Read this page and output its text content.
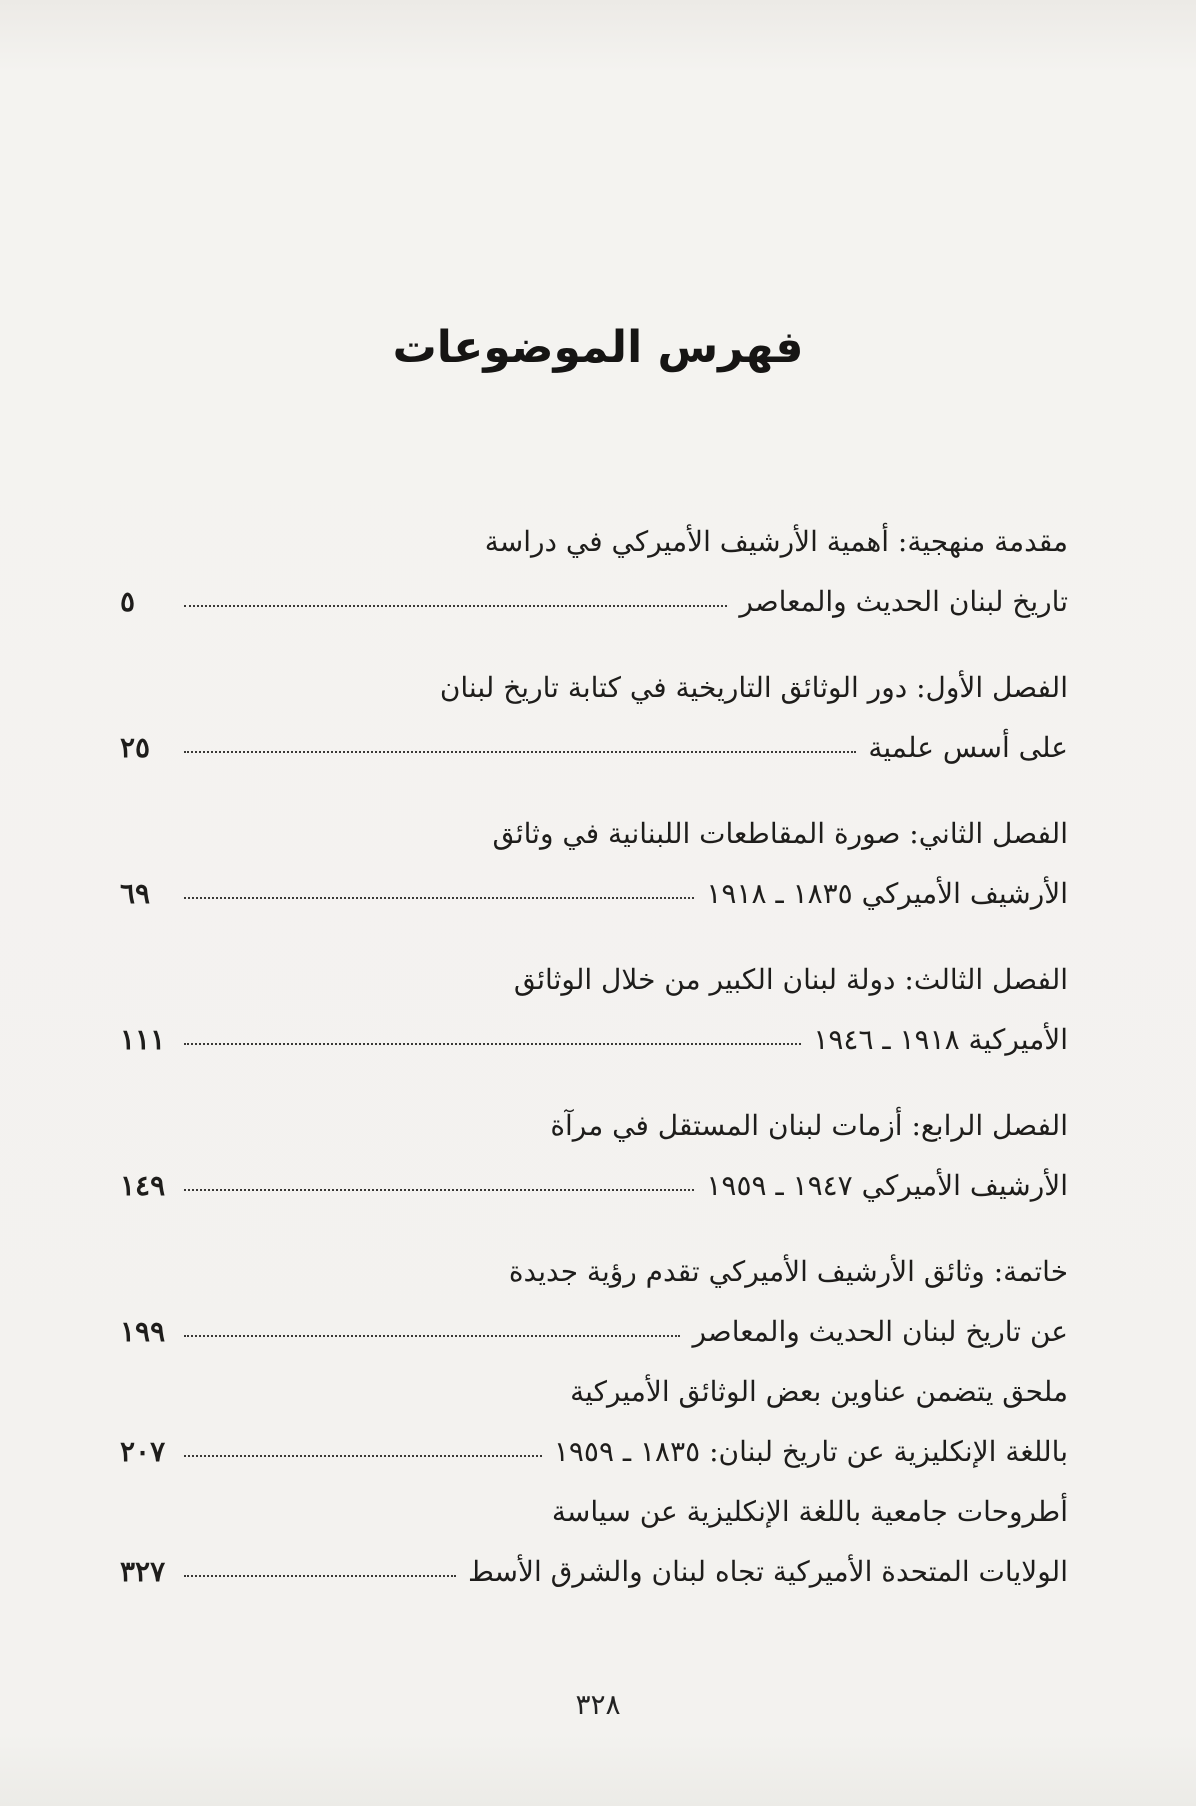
فهرس الموضوعات
مقدمة منهجية: أهمية الأرشيف الأميركي في دراسة
تاريخ لبنان الحديث والمعاصر
٥
الفصل الأول: دور الوثائق التاريخية في كتابة تاريخ لبنان
على أسس علمية
٢٥
الفصل الثاني: صورة المقاطعات اللبنانية في وثائق
الأرشيف الأميركي ١٨٣٥ ـ ١٩١٨
٦٩
الفصل الثالث: دولة لبنان الكبير من خلال الوثائق
الأميركية ١٩١٨ ـ ١٩٤٦
١١١
الفصل الرابع: أزمات لبنان المستقل في مرآة
الأرشيف الأميركي ١٩٤٧ ـ ١٩٥٩
١٤٩
خاتمة: وثائق الأرشيف الأميركي تقدم رؤية جديدة
عن تاريخ لبنان الحديث والمعاصر
١٩٩
ملحق يتضمن عناوين بعض الوثائق الأميركية
باللغة الإنكليزية عن تاريخ لبنان: ١٨٣٥ ـ ١٩٥٩
٢٠٧
أطروحات جامعية باللغة الإنكليزية عن سياسة
الولايات المتحدة الأميركية تجاه لبنان والشرق الأسط
٣٢٧
٣٢٨
